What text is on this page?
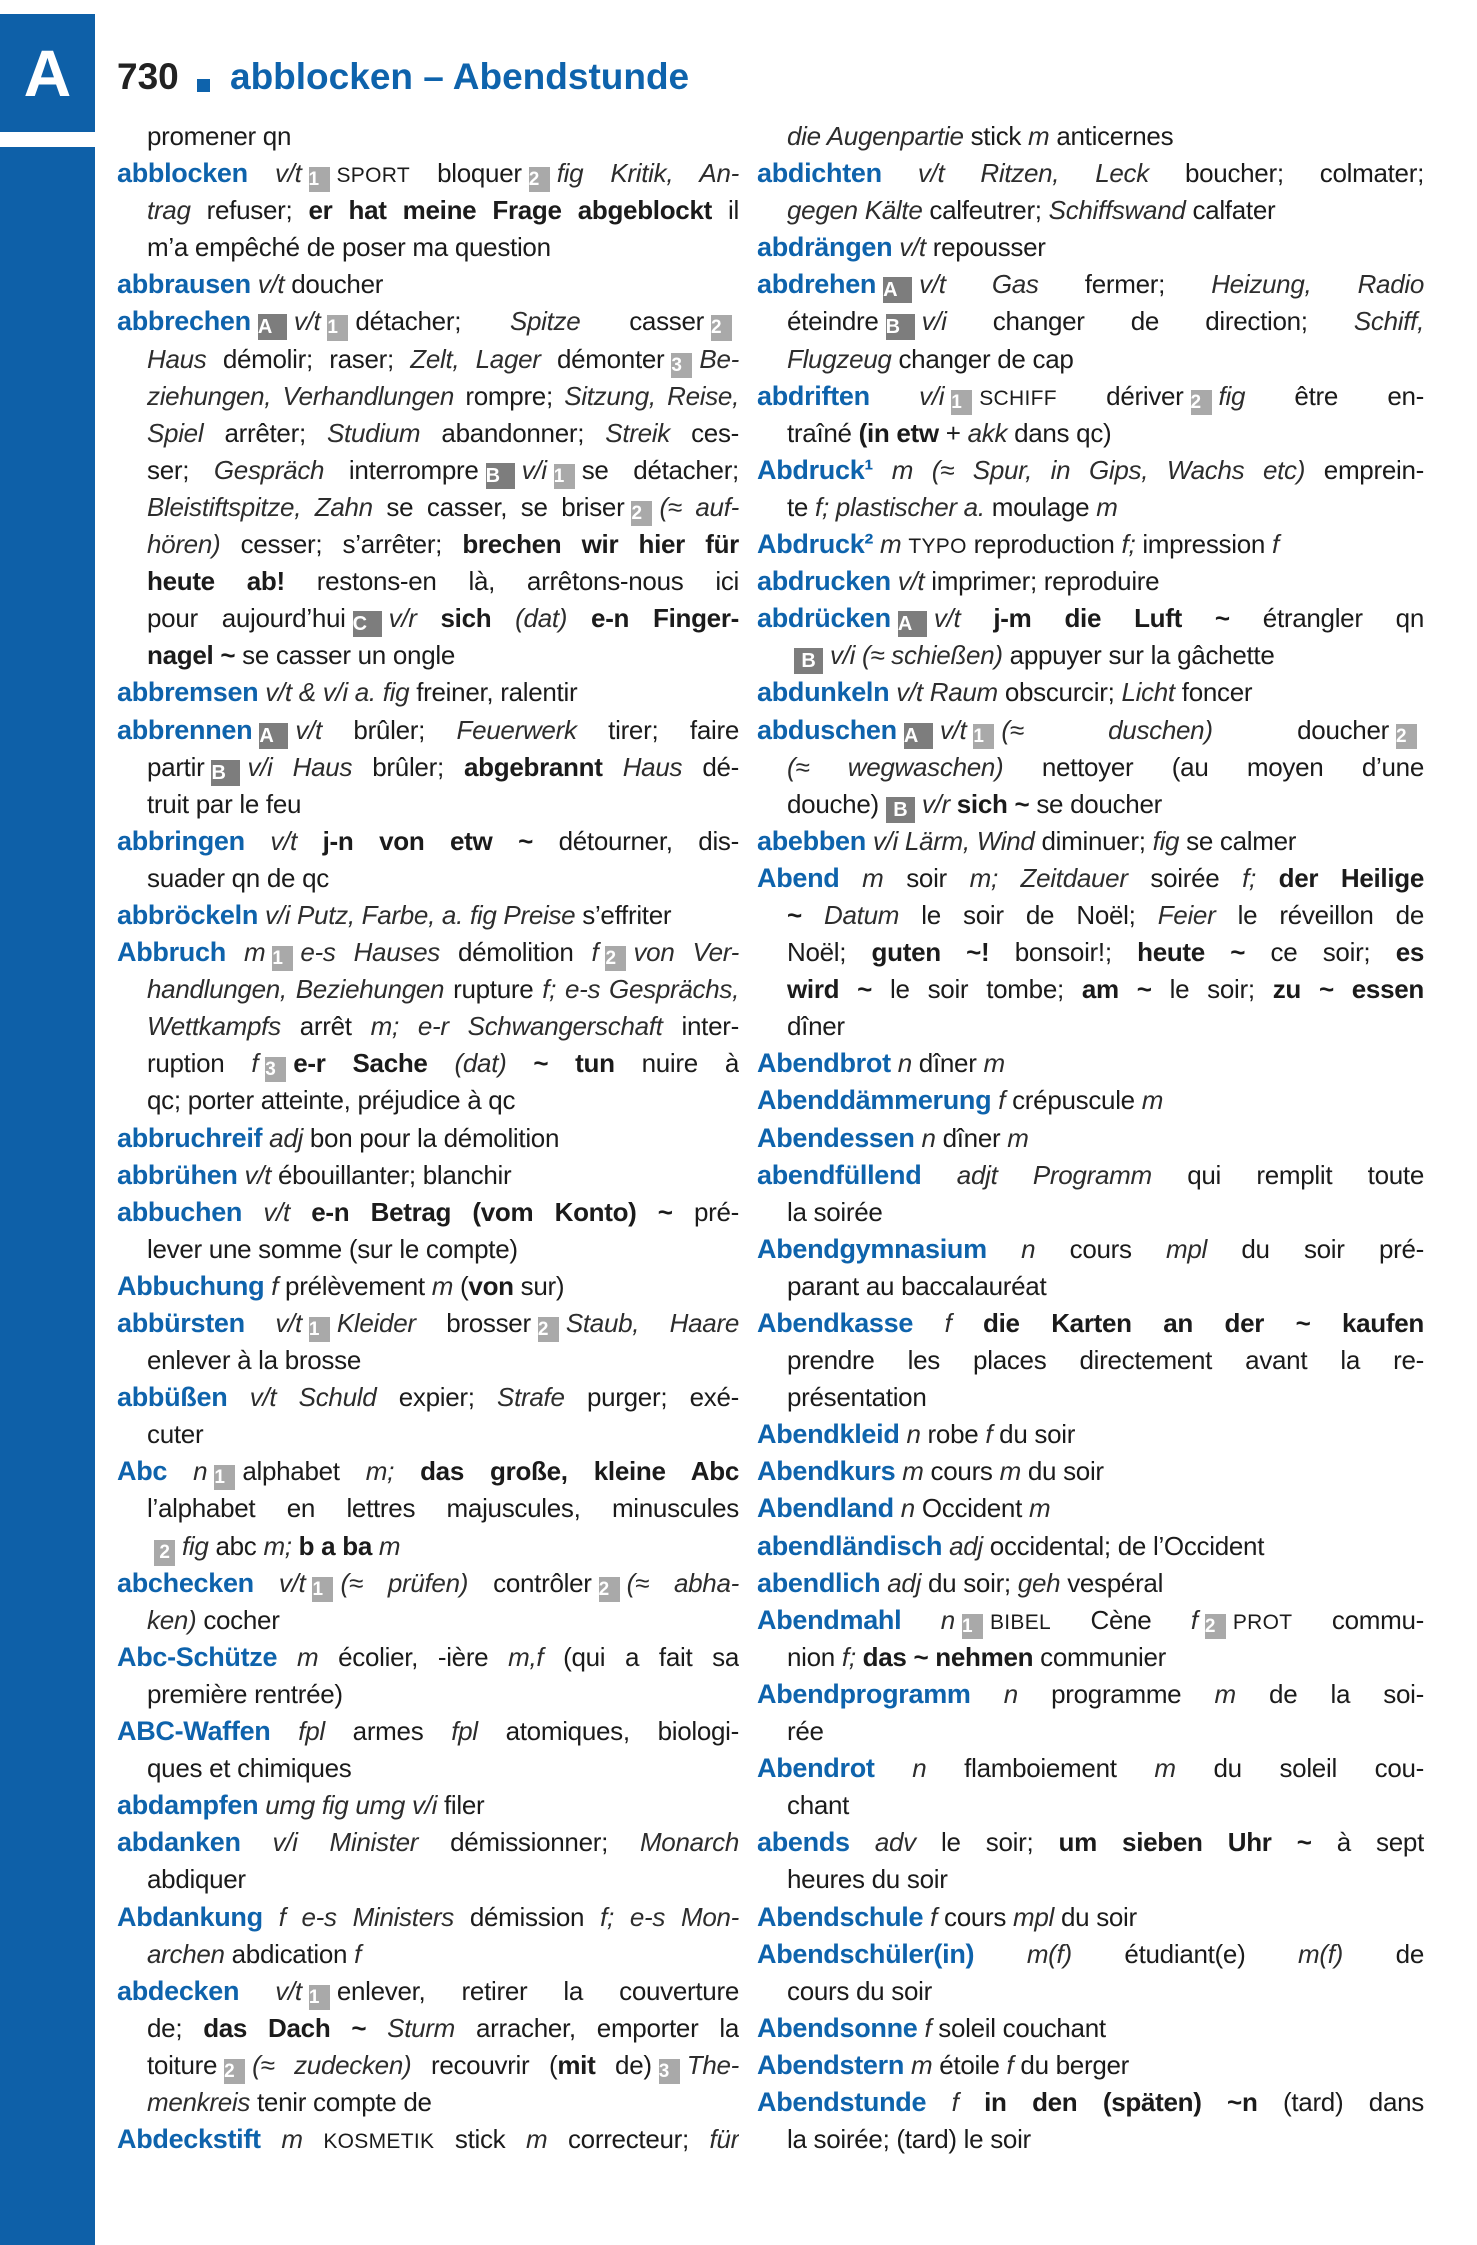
A 730 abblocken – Abendstunde
promener qn
abblocken v/t 1 SPORT bloquer 2 fig Kritik, An-
trag refuser; er hat meine Frage abgeblockt il
m’a empêché de poser ma question
abbrausen v/t doucher
abbrechen A v/t 1 détacher; Spitze casser 2
Haus démolir; raser; Zelt, Lager démonter 3 Be-
ziehungen, Verhandlungen rompre; Sitzung, Reise,
Spiel arrêter; Studium abandonner; Streik ces-
ser; Gespräch interrompre B v/i 1 se détacher;
Bleistiftspitze, Zahn se casser, se briser 2 (≈ auf-
hören) cesser; s’arrêter; brechen wir hier für
heute ab! restons-en là, arrêtons-nous ici
pour aujourd’hui C v/r sich (dat) e-n Finger-
nagel ~ se casser un ongle
abbremsen v/t & v/i a. fig freiner, ralentir
abbrennen A v/t brûler; Feuerwerk tirer; faire
partir B v/i Haus brûler; abgebrannt Haus dé-
truit par le feu
abbringen v/t j-n von etw ~ détourner, dis-
suader qn de qc
abbröckeln v/i Putz, Farbe, a. fig Preise s’effriter
Abbruch m 1 e-s Hauses démolition f 2 von Ver-
handlungen, Beziehungen rupture f; e-s Gesprächs,
Wettkampfs arrêt m; e-r Schwangerschaft inter-
ruption f 3 e-r Sache (dat) ~ tun nuire à
qc; porter atteinte, préjudice à qc
abbruchreif adj bon pour la démolition
abbrühen v/t ébouillanter; blanchir
abbuchen v/t e-n Betrag (vom Konto) ~ pré-
lever une somme (sur le compte)
Abbuchung f prélèvement m (von sur)
abbürsten v/t 1 Kleider brosser 2 Staub, Haare
enlever à la brosse
abbüßen v/t Schuld expier; Strafe purger; exé-
cuter
Abc n 1 alphabet m; das große, kleine Abc
l’alphabet en lettres majuscules, minuscules
2 fig abc m; b a ba m
abchecken v/t 1 (≈ prüfen) contrôler 2 (≈ abha-
ken) cocher
Abc-Schütze m écolier, -ière m,f (qui a fait sa
première rentrée)
ABC-Waffen fpl armes fpl atomiques, biologi-
ques et chimiques
abdampfen umg fig umg v/i filer
abdanken v/i Minister démissionner; Monarch
abdiquer
Abdankung f e-s Ministers démission f; e-s Mon-
archen abdication f
abdecken v/t 1 enlever, retirer la couverture
de; das Dach ~ Sturm arracher, emporter la
toiture 2 (≈ zudecken) recouvrir (mit de) 3 The-
menkreis tenir compte de
Abdeckstift m KOSMETIK stick m correcteur; für
die Augenpartie stick m anticernes
abdichten v/t Ritzen, Leck boucher; colmater;
gegen Kälte calfeutrer; Schiffswand calfater
abdrängen v/t repousser
abdrehen A v/t Gas fermer; Heizung, Radio
éteindre B v/i changer de direction; Schiff,
Flugzeug changer de cap
abdriften v/i 1 SCHIFF dériver 2 fig être en-
traîné (in etw + akk dans qc)
Abdruck¹ m (≈ Spur, in Gips, Wachs etc) emprein-
te f; plastischer a. moulage m
Abdruck² m TYPO reproduction f; impression f
abdrucken v/t imprimer; reproduire
abdrücken A v/t j-m die Luft ~ étrangler qn
B v/i (≈ schießen) appuyer sur la gâchette
abdunkeln v/t Raum obscurcir; Licht foncer
abduschen A v/t 1 (≈ duschen) doucher 2
(≈ wegwaschen) nettoyer (au moyen d’une
douche) B v/r sich ~ se doucher
abebben v/i Lärm, Wind diminuer; fig se calmer
Abend m soir m; Zeitdauer soirée f; der Heilige
~ Datum le soir de Noël; Feier le réveillon de
Noël; guten ~! bonsoir!; heute ~ ce soir; es
wird ~ le soir tombe; am ~ le soir; zu ~ essen
dîner
Abendbrot n dîner m
Abenddämmerung f crépuscule m
Abendessen n dîner m
abendfüllend adjt Programm qui remplit toute
la soirée
Abendgymnasium n cours mpl du soir pré-
parant au baccalauréat
Abendkasse f die Karten an der ~ kaufen
prendre les places directement avant la re-
présentation
Abendkleid n robe f du soir
Abendkurs m cours m du soir
Abendland n Occident m
abendländisch adj occidental; de l’Occident
abendlich adj du soir; geh vespéral
Abendmahl n 1 BIBEL Cène f 2 PROT commu-
nion f; das ~ nehmen communier
Abendprogramm n programme m de la soi-
rée
Abendrot n flamboiement m du soleil cou-
chant
abends adv le soir; um sieben Uhr ~ à sept
heures du soir
Abendschule f cours mpl du soir
Abendschüler(in) m(f) étudiant(e) m(f) de
cours du soir
Abendsonne f soleil couchant
Abendstern m étoile f du berger
Abendstunde f in den (späten) ~n (tard) dans
la soirée; (tard) le soir
